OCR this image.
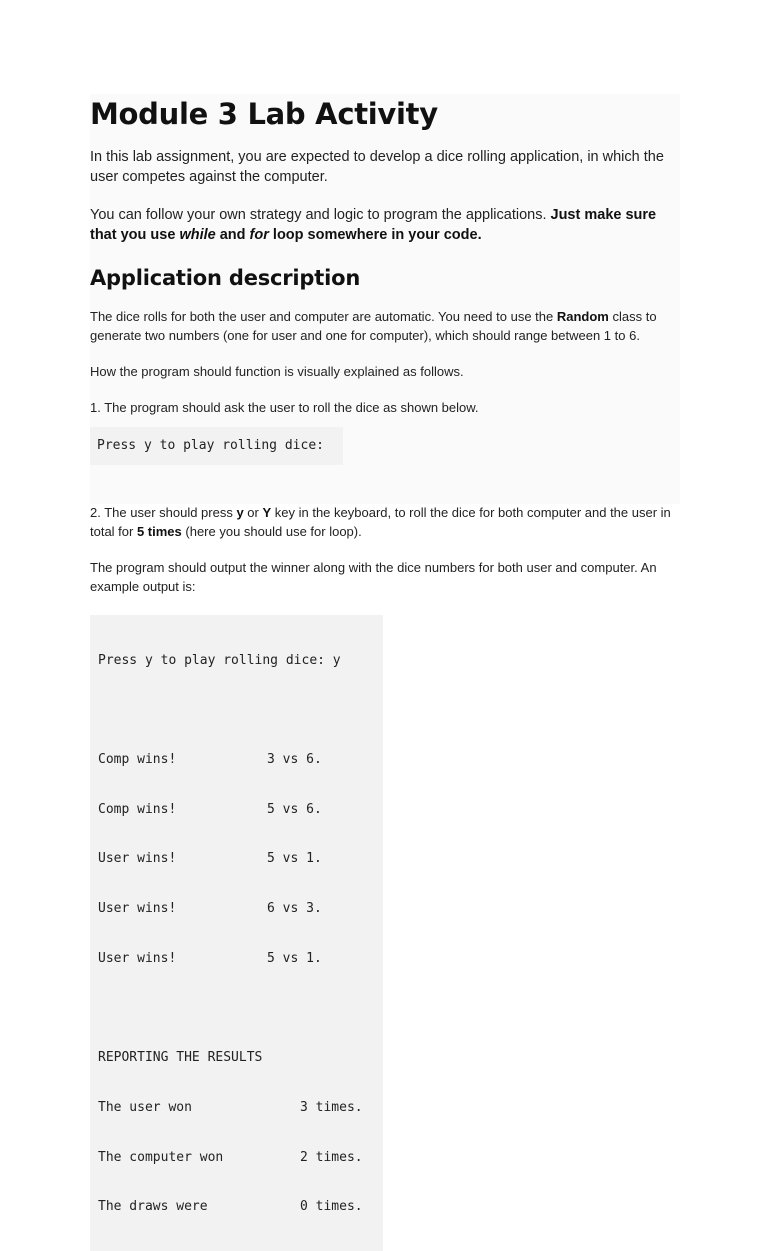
Module 3 Lab Activity

In this lab assignment, you are expected to develop a dice rolling application, in which the user competes against the computer.

You can follow your own strategy and logic to program the applications. Just make sure that you use while and for loop somewhere in your code.

Application description

The dice rolls for both the user and computer are automatic. You need to use the Random class to generate two numbers (one for user and one for computer), which should range between 1 to 6.

How the program should function is visually explained as follows.

1. The program should ask the user to roll the dice as shown below.

Press y to play rolling dice:

2. The user should press y or Y key in the keyboard, to roll the dice for both computer and the user in total for 5 times (here you should use for loop).

The program should output the winner along with the dice numbers for both user and computer. An example output is:

Press y to play rolling dice: y

Comp wins!	3 vs 6.

Comp wins!	5 vs 6.

User wins!	5 vs 1.

User wins!	6 vs 3.

User wins!	5 vs 1.

REPORTING THE RESULTS

The user won	3 times.

The computer won	2 times.

The draws were	0 times.
